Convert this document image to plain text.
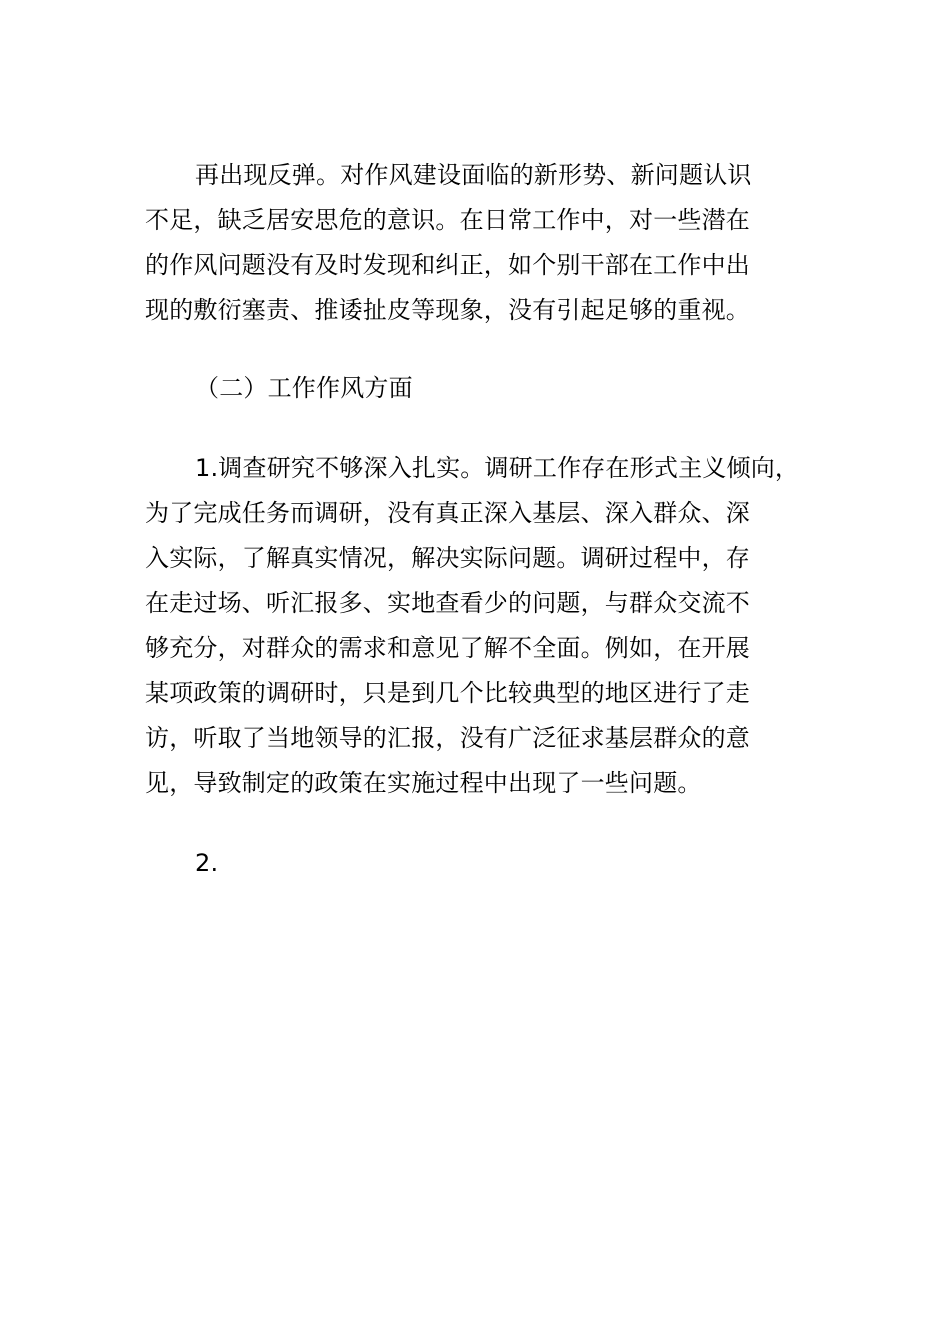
再出现反弹。对作风建设面临的新形势、新问题认识
不足，缺乏居安思危的意识。在日常工作中，对一些潜在
的作风问题没有及时发现和纠正，如个别干部在工作中出
现的敷衍塞责、推诿扯皮等现象，没有引起足够的重视。
（二）工作作风方面
1.调查研究不够深入扎实。调研工作存在形式主义倾向，
为了完成任务而调研，没有真正深入基层、深入群众、深
入实际，了解真实情况，解决实际问题。调研过程中，存
在走过场、听汇报多、实地查看少的问题，与群众交流不
够充分，对群众的需求和意见了解不全面。例如，在开展
某项政策的调研时，只是到几个比较典型的地区进行了走
访，听取了当地领导的汇报，没有广泛征求基层群众的意
见，导致制定的政策在实施过程中出现了一些问题。
2.
